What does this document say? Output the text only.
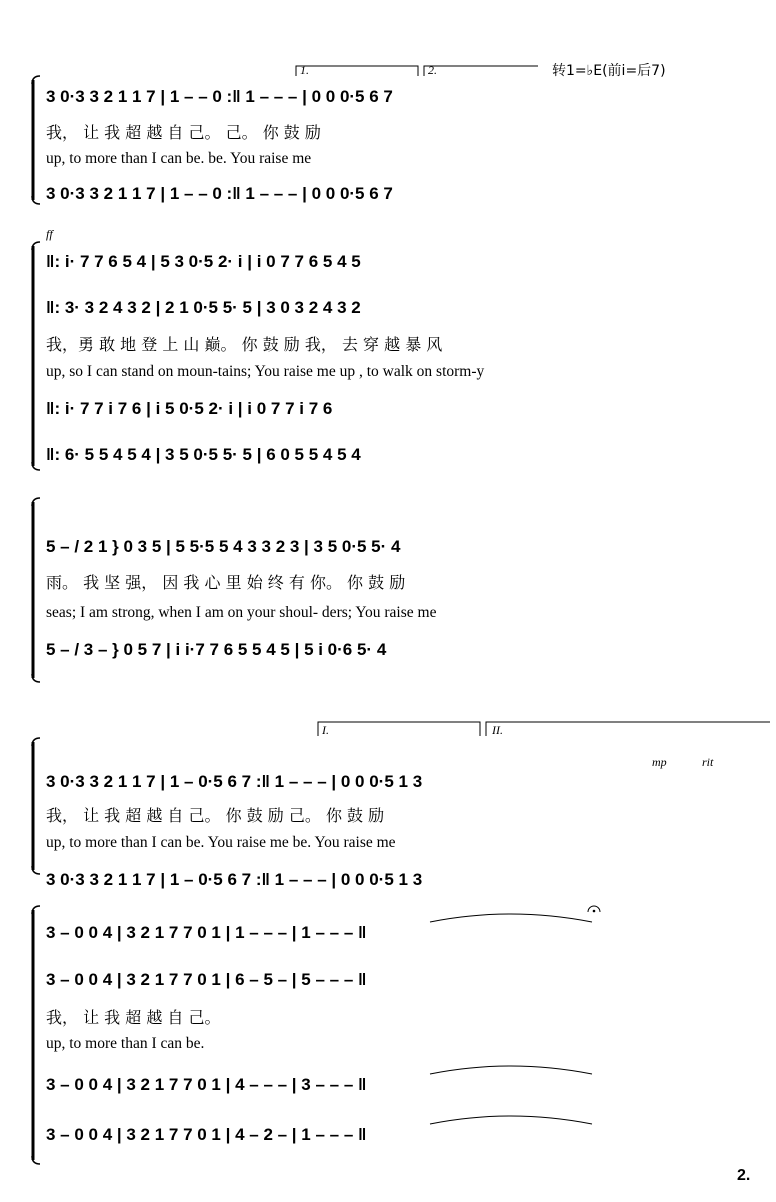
转1=♭E(前i=后7)
1.	2.
3 0·3 3 2 1 1 7 | 1 – – 0 :‖ 1 – – – | 0 0 0·5 6 7
我， 让 我 超 越 自 己。 己。 你 鼓 励
up, to more than I can be. be. You raise me
3 0·3 3 2 1 1 7 | 1 – – 0 :‖ 1 – – – | 0 0 0·5 6 7
ff
‖: i· 7 7 6 5 4 | 5 3 0·5 2· i | i 0 7 7 6 5 4 5
‖: 3· 3 2 4 3 2 | 2 1 0·5 5· 5 | 3 0 3 2 4 3 2
我，勇 敢 地 登 上 山 巅。 你 鼓 励 我， 去 穿 越 暴 风
up, so I can stand on moun-tains; You raise me up , to walk on storm-y
‖: i· 7 7 i 7 6 | i 5 0·5 2· i | i 0 7 7 i 7 6
‖: 6· 5 5 4 5 4 | 3 5 0·5 5· 5 | 6 0 5 5 4 5 4
5 – / 2 1 } 0 3 5 | 5 5·5 5 4 3 3 2 3 | 3 5 0·5 5· 4
雨。 我 坚 强， 因 我 心 里 始 终 有 你。 你 鼓 励
seas; I am strong, when I am on your shoul- ders; You raise me
5 – / 3 – } 0 5 7 | i i·7 7 6 5 5 4 5 | 5 i 0·6 5· 4
I.	II.
mp	rit
3 0·3 3 2 1 1 7 | 1 – 0·5 6 7 :‖ 1 – – – | 0 0 0·5 1 3
我， 让 我 超 越 自 己。 你 鼓 励 己。 你 鼓 励
up, to more than I can be. You raise me be. You raise me
3 0·3 3 2 1 1 7 | 1 – 0·5 6 7 :‖ 1 – – – | 0 0 0·5 1 3
3 – 0 0 4 | 3 2 1 7 7 0 1 | 1 – – – | 1 – – – ‖
3 – 0 0 4 | 3 2 1 7 7 0 1 | 6 – 5 – | 5 – – – ‖
我， 让 我 超 越 自 己。
up, to more than I can be.
3 – 0 0 4 | 3 2 1 7 7 0 1 | 4 – – – | 3 – – – ‖
3 – 0 0 4 | 3 2 1 7 7 0 1 | 4 – 2 – | 1 – – – ‖
2.
